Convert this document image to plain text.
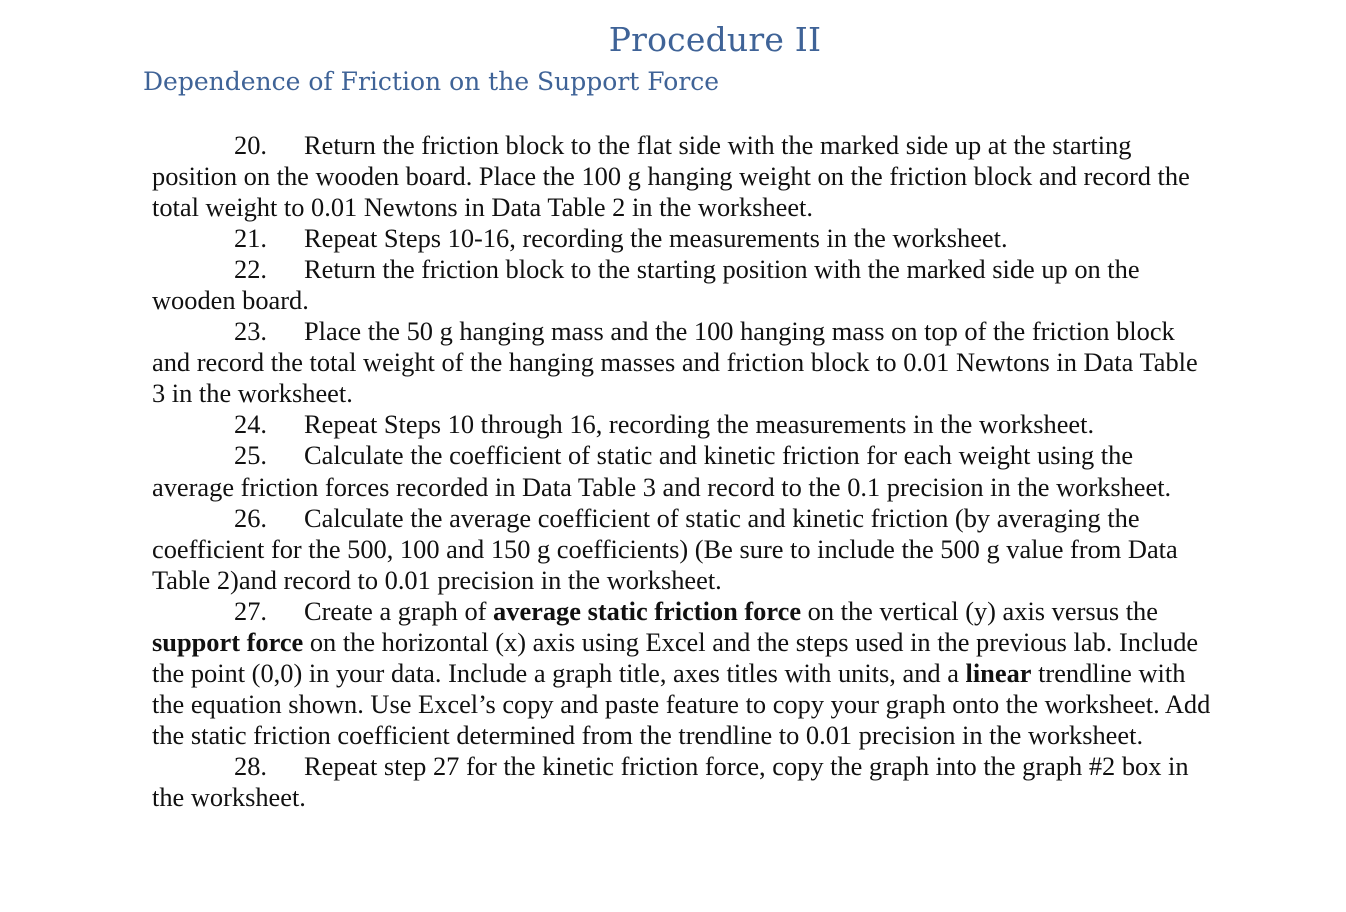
Procedure II
Dependence of Friction on the Support Force

20. Return the friction block to the flat side with the marked side up at the starting position on the wooden board. Place the 100 g hanging weight on the friction block and record the total weight to 0.01 Newtons in Data Table 2 in the worksheet.

21. Repeat Steps 10-16, recording the measurements in the worksheet.

22. Return the friction block to the starting position with the marked side up on the wooden board.

23. Place the 50 g hanging mass and the 100 hanging mass on top of the friction block and record the total weight of the hanging masses and friction block to 0.01 Newtons in Data Table 3 in the worksheet.

24. Repeat Steps 10 through 16, recording the measurements in the worksheet.

25. Calculate the coefficient of static and kinetic friction for each weight using the average friction forces recorded in Data Table 3 and record to the 0.1 precision in the worksheet.

26. Calculate the average coefficient of static and kinetic friction (by averaging the coefficient for the 500, 100 and 150 g coefficients) (Be sure to include the 500 g value from Data Table 2)and record to 0.01 precision in the worksheet.

27. Create a graph of average static friction force on the vertical (y) axis versus the support force on the horizontal (x) axis using Excel and the steps used in the previous lab. Include the point (0,0) in your data. Include a graph title, axes titles with units, and a linear trendline with the equation shown. Use Excel’s copy and paste feature to copy your graph onto the worksheet. Add the static friction coefficient determined from the trendline to 0.01 precision in the worksheet.

28. Repeat step 27 for the kinetic friction force, copy the graph into the graph #2 box in the worksheet.
